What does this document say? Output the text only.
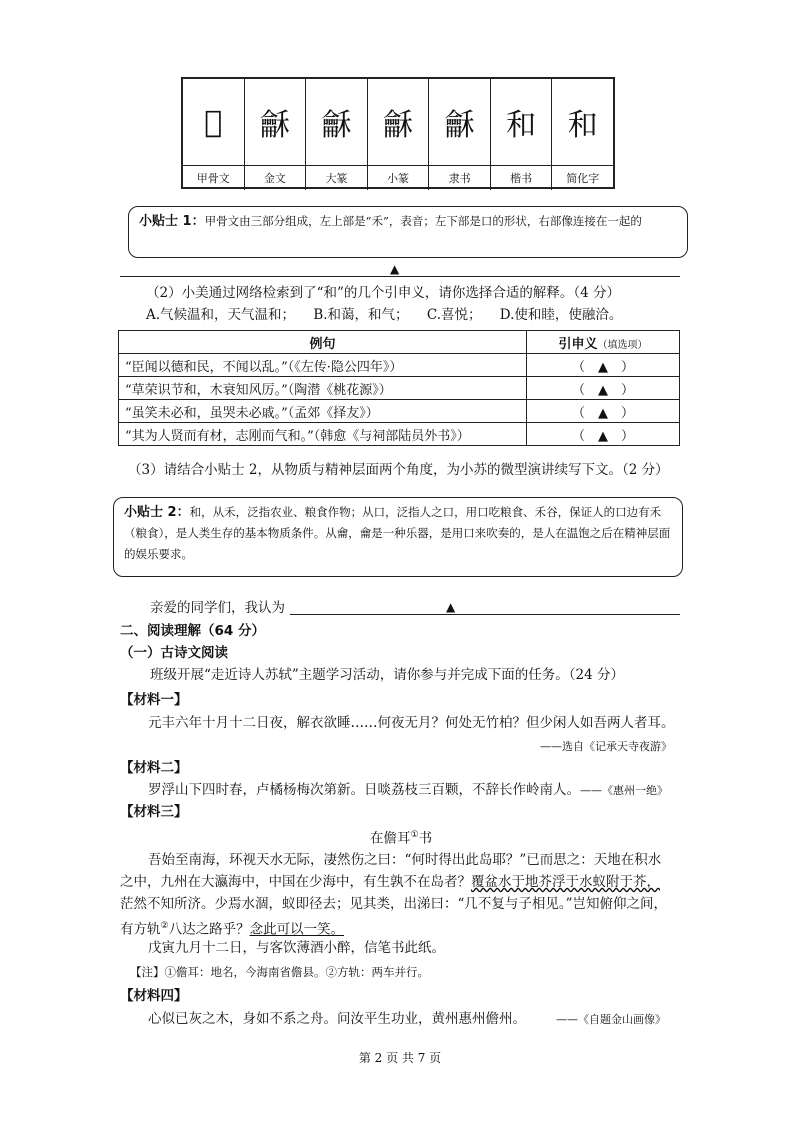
𠇄	龢	龢	龢	龢	和	和
甲骨文	金文	大篆	小篆	隶书	楷书	简化字
小贴士 1：甲骨文由三部分组成，左上部是“禾”，表音；左下部是口的形状，右部像连接在一起的
▲
（2）小美通过网络检索到了“和”的几个引申义，请你选择合适的解释。（4 分）
A.气候温和，天气温和； B.和蔼，和气； C.喜悦； D.使和睦，使融洽。
例句	引申义（填选项）
“臣闻以德和民，不闻以乱。”（《左传·隐公四年》）	（　▲　）
“草荣识节和，木衰知风厉。”（陶潜《桃花源》）	（　▲　）
“虽笑未必和，虽哭未必戚。”（孟郊《择友》）	（　▲　）
“其为人贤而有材，志刚而气和。”（韩愈《与祠部陆员外书》）	（　▲　）
（3）请结合小贴士 2，从物质与精神层面两个角度，为小苏的微型演讲续写下文。（2 分）
小贴士 2：和，从禾，泛指农业、粮食作物；从口，泛指人之口，用口吃粮食、禾谷，保证人的口边有禾（粮食），是人类生存的基本物质条件。从龠，龠是一种乐器，是用口来吹奏的，是人在温饱之后在精神层面的娱乐要求。
亲爱的同学们，我认为	▲
二、阅读理解（64 分）
（一）古诗文阅读
班级开展“走近诗人苏轼”主题学习活动，请你参与并完成下面的任务。（24 分）
【材料一】
元丰六年十月十二日夜，解衣欲睡……何夜无月？何处无竹柏？但少闲人如吾两人者耳。
——选自《记承天寺夜游》
【材料二】
罗浮山下四时春，卢橘杨梅次第新。日啖荔枝三百颗，不辞长作岭南人。——《惠州一绝》
【材料三】
在儋耳①书
吾始至南海，环视天水无际，凄然伤之曰：“何时得出此岛耶？”已而思之：天地在积水
之中，九州在大瀛海中，中国在少海中，有生孰不在岛者？覆盆水于地芥浮于水蚁附于芥，
茫然不知所济。少焉水涸，蚁即径去；见其类，出涕曰：“几不复与子相见。”岂知俯仰之间，
有方轨②八达之路乎？念此可以一笑。
戊寅九月十二日，与客饮薄酒小醉，信笔书此纸。
【注】①儋耳：地名，今海南省儋县。②方轨：两车并行。
【材料四】
心似已灰之木，身如不系之舟。问汝平生功业，黄州惠州儋州。	——《自题金山画像》
第 2 页 共 7 页
